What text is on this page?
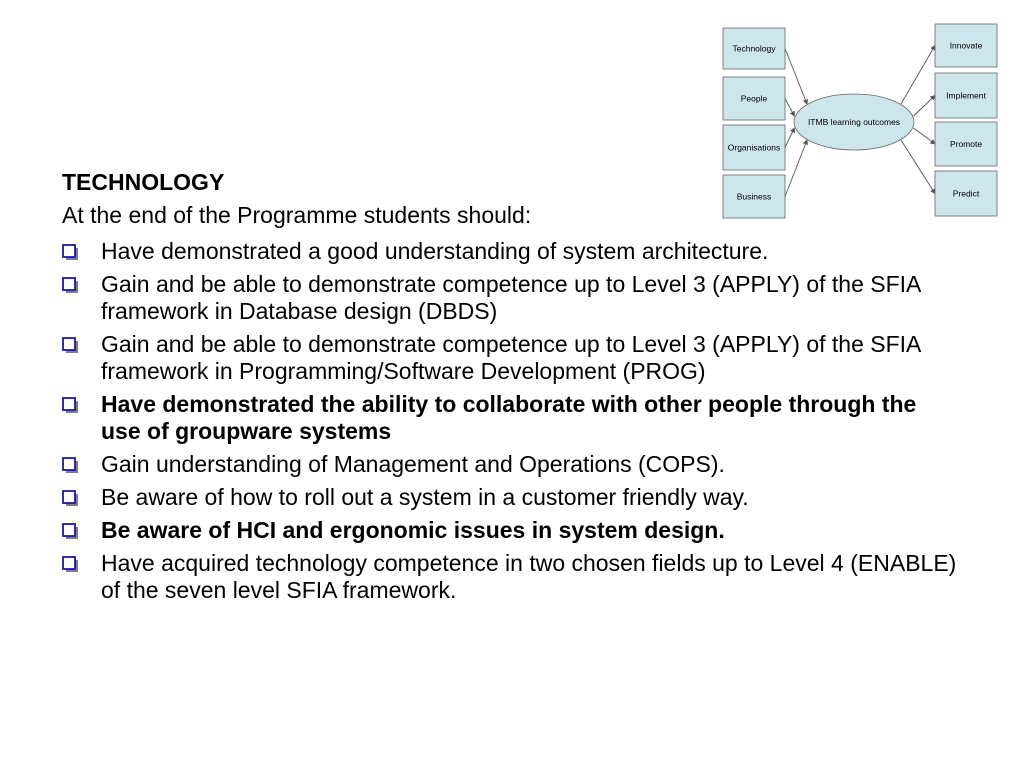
Technology
People
Organisations
Business
Innovate
Implement
Promote
Predict
ITMB learning outcomes

TECHNOLOGY

At the end of the Programme students should:

Have demonstrated a good understanding of system architecture.
Gain and be able to demonstrate competence up to Level 3 (APPLY) of the SFIA framework in Database design (DBDS)
Gain and be able to demonstrate competence up to Level 3 (APPLY) of the SFIA framework in Programming/Software Development (PROG)
Have demonstrated the ability to collaborate with other people through the use of groupware systems
Gain understanding of Management and Operations (COPS).
Be aware of how to roll out a system in a customer friendly way.
Be aware of HCI and ergonomic issues in system design.
Have acquired technology competence in two chosen fields up to Level 4 (ENABLE) of the seven level SFIA framework.
